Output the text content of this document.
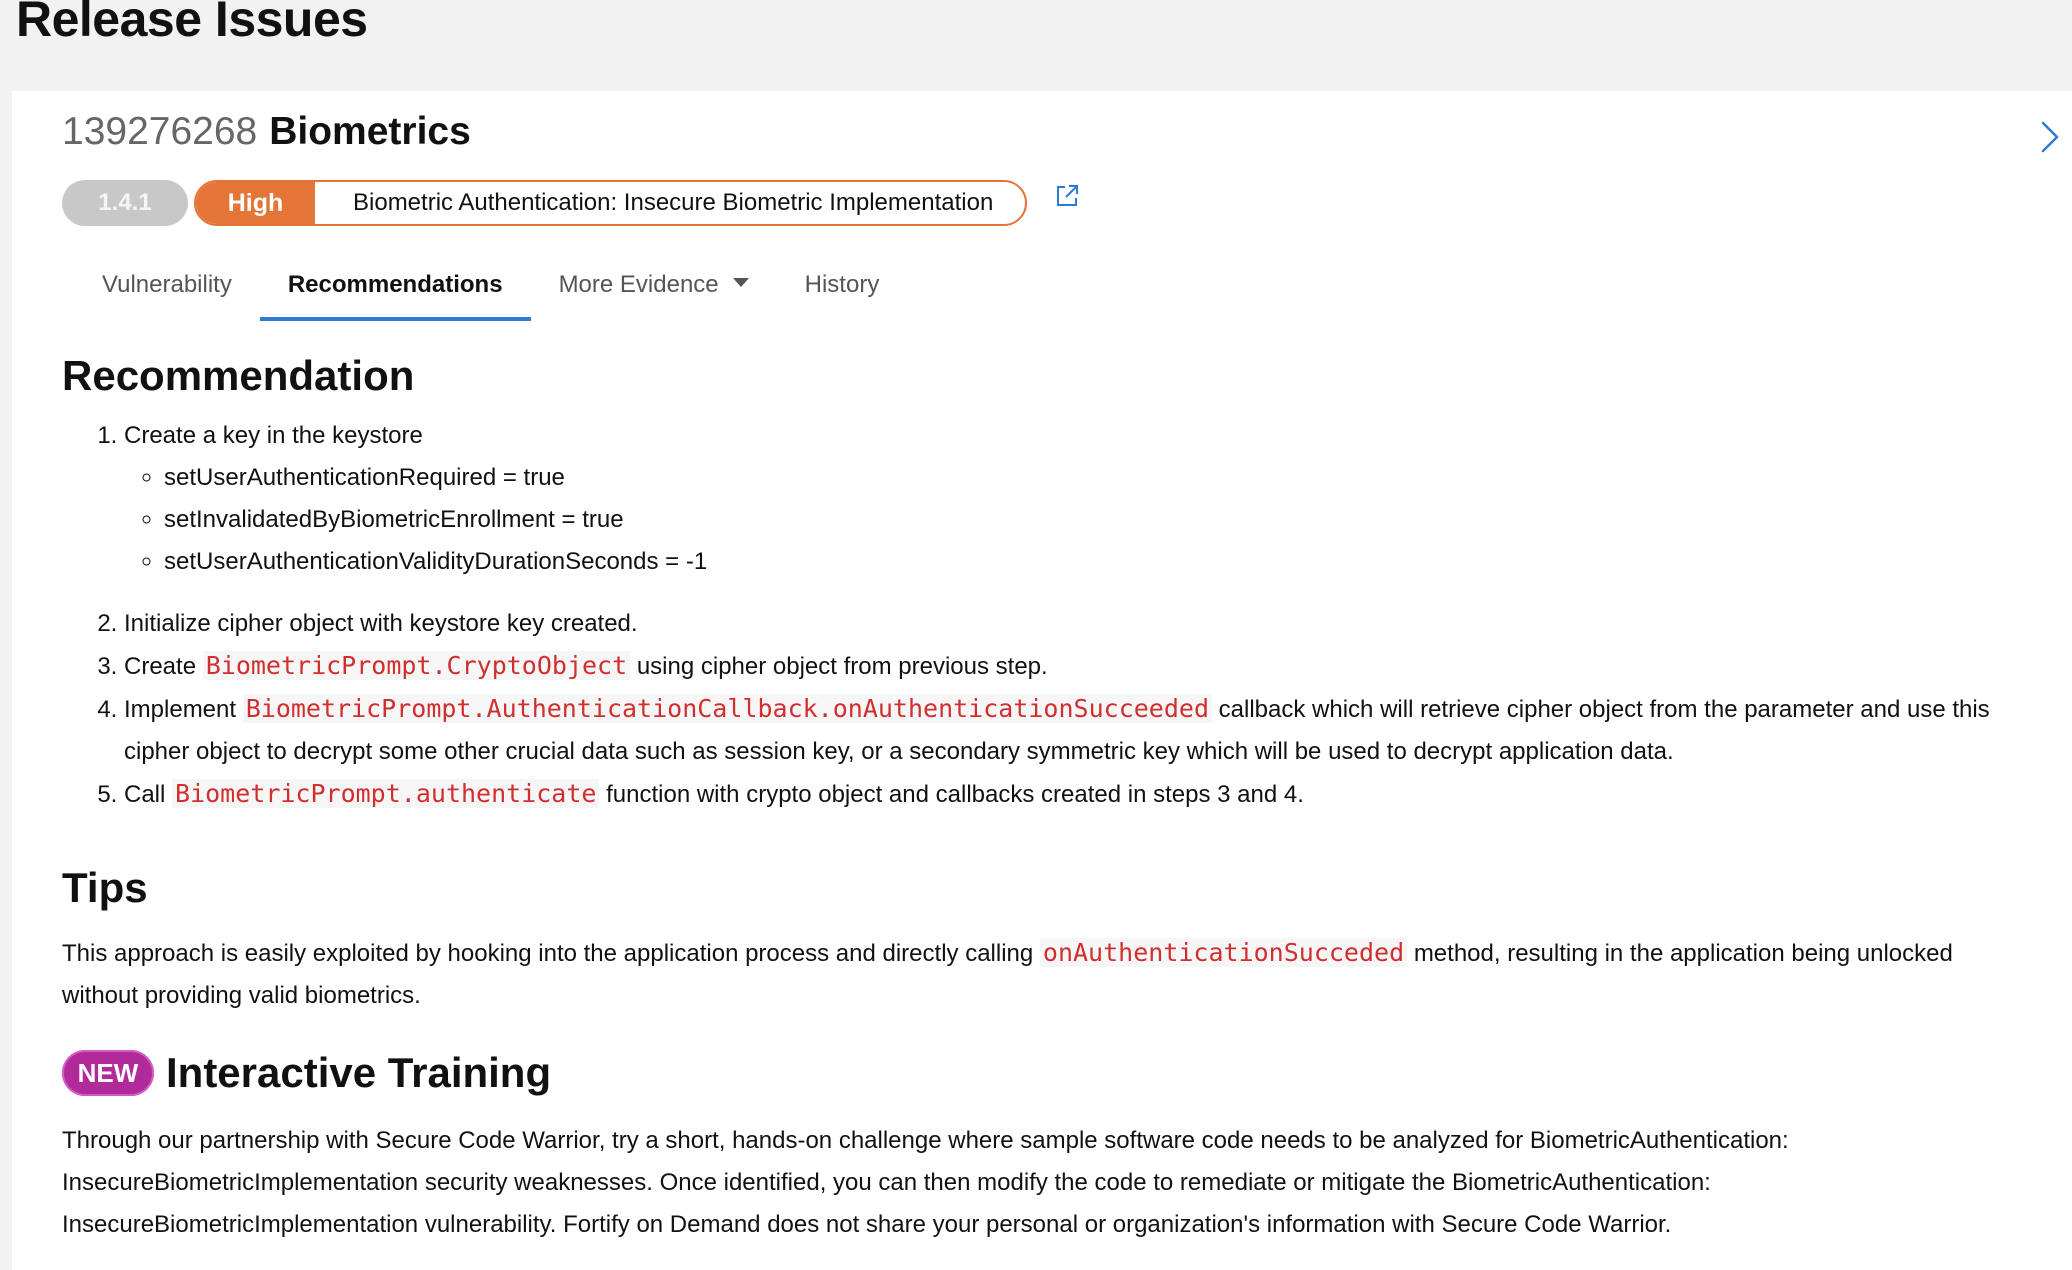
Release Issues
139276268 Biometrics
1.4.1	High	Biometric Authentication: Insecure Biometric Implementation
Vulnerability	Recommendations	More Evidence	History
Recommendation
1. Create a key in the keystore
◦ setUserAuthenticationRequired = true
◦ setInvalidatedByBiometricEnrollment = true
◦ setUserAuthenticationValidityDurationSeconds = -1
2. Initialize cipher object with keystore key created.
3. Create BiometricPrompt.CryptoObject using cipher object from previous step.
4. Implement BiometricPrompt.AuthenticationCallback.onAuthenticationSucceeded callback which will retrieve cipher object from the parameter and use this cipher object to decrypt some other crucial data such as session key, or a secondary symmetric key which will be used to decrypt application data.
5. Call BiometricPrompt.authenticate function with crypto object and callbacks created in steps 3 and 4.
Tips

This approach is easily exploited by hooking into the application process and directly calling onAuthenticationSucceded method, resulting in the application being unlocked without providing valid biometrics.

NEW Interactive Training

Through our partnership with Secure Code Warrior, try a short, hands-on challenge where sample software code needs to be analyzed for BiometricAuthentication: InsecureBiometricImplementation security weaknesses. Once identified, you can then modify the code to remediate or mitigate the BiometricAuthentication: InsecureBiometricImplementation vulnerability. Fortify on Demand does not share your personal or organization's information with Secure Code Warrior.
